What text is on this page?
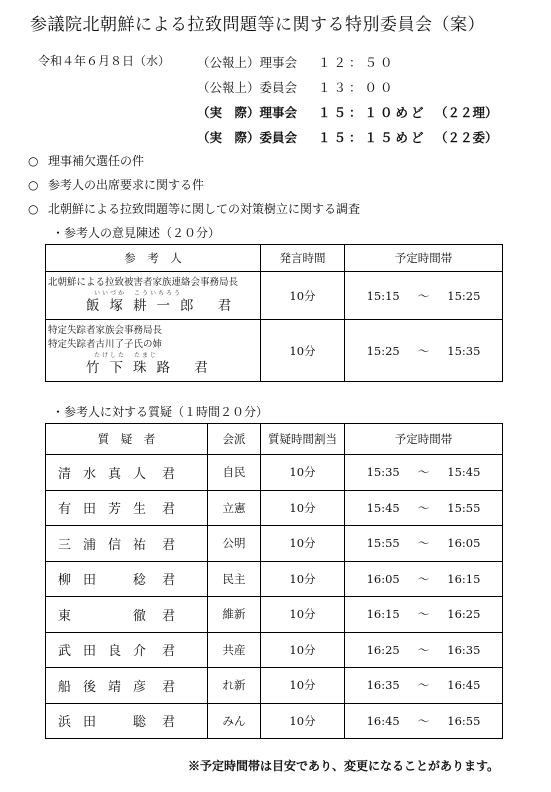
参議院北朝鮮による拉致問題等に関する特別委員会（案）
令和４年６月８日（水） （公報上）理事会 １２：５０
（公報上）委員会 １３：００
（実　際）理事会 １５：１０めど （２２理）
（実　際）委員会 １５：１５めど （２２委）
○ 理事補欠選任の件
○ 参考人の出席要求に関する件
○ 北朝鮮による拉致問題等に関しての対策樹立に関する調査
・参考人の意見陳述（２０分）
参　考　人	発言時間	予定時間帯

北朝鮮による拉致被害者家族連絡会事務局長
いいづか　こういちろう
飯塚耕一郎 君	10分	15:15 ～ 15:25

特定失踪者家族会事務局長
特定失踪者古川了子氏の姉
たけした　たまじ
竹下珠路 君	10分	15:25 ～ 15:35
・参考人に対する質疑（１時間２０分）
質　疑　者	会派	質疑時間割当	予定時間帯
清水真人 君	自民	10分	15:35 ～ 15:45
有田芳生 君	立憲	10分	15:45 ～ 15:55
三浦信祐 君	公明	10分	15:55 ～ 16:05
柳田　稔 君	民主	10分	16:05 ～ 16:15
東　　徹 君	維新	10分	16:15 ～ 16:25
武田良介 君	共産	10分	16:25 ～ 16:35
船後靖彦 君	れ新	10分	16:35 ～ 16:45
浜田　聡 君	みん	10分	16:45 ～ 16:55
※予定時間帯は目安であり、変更になることがあります。
